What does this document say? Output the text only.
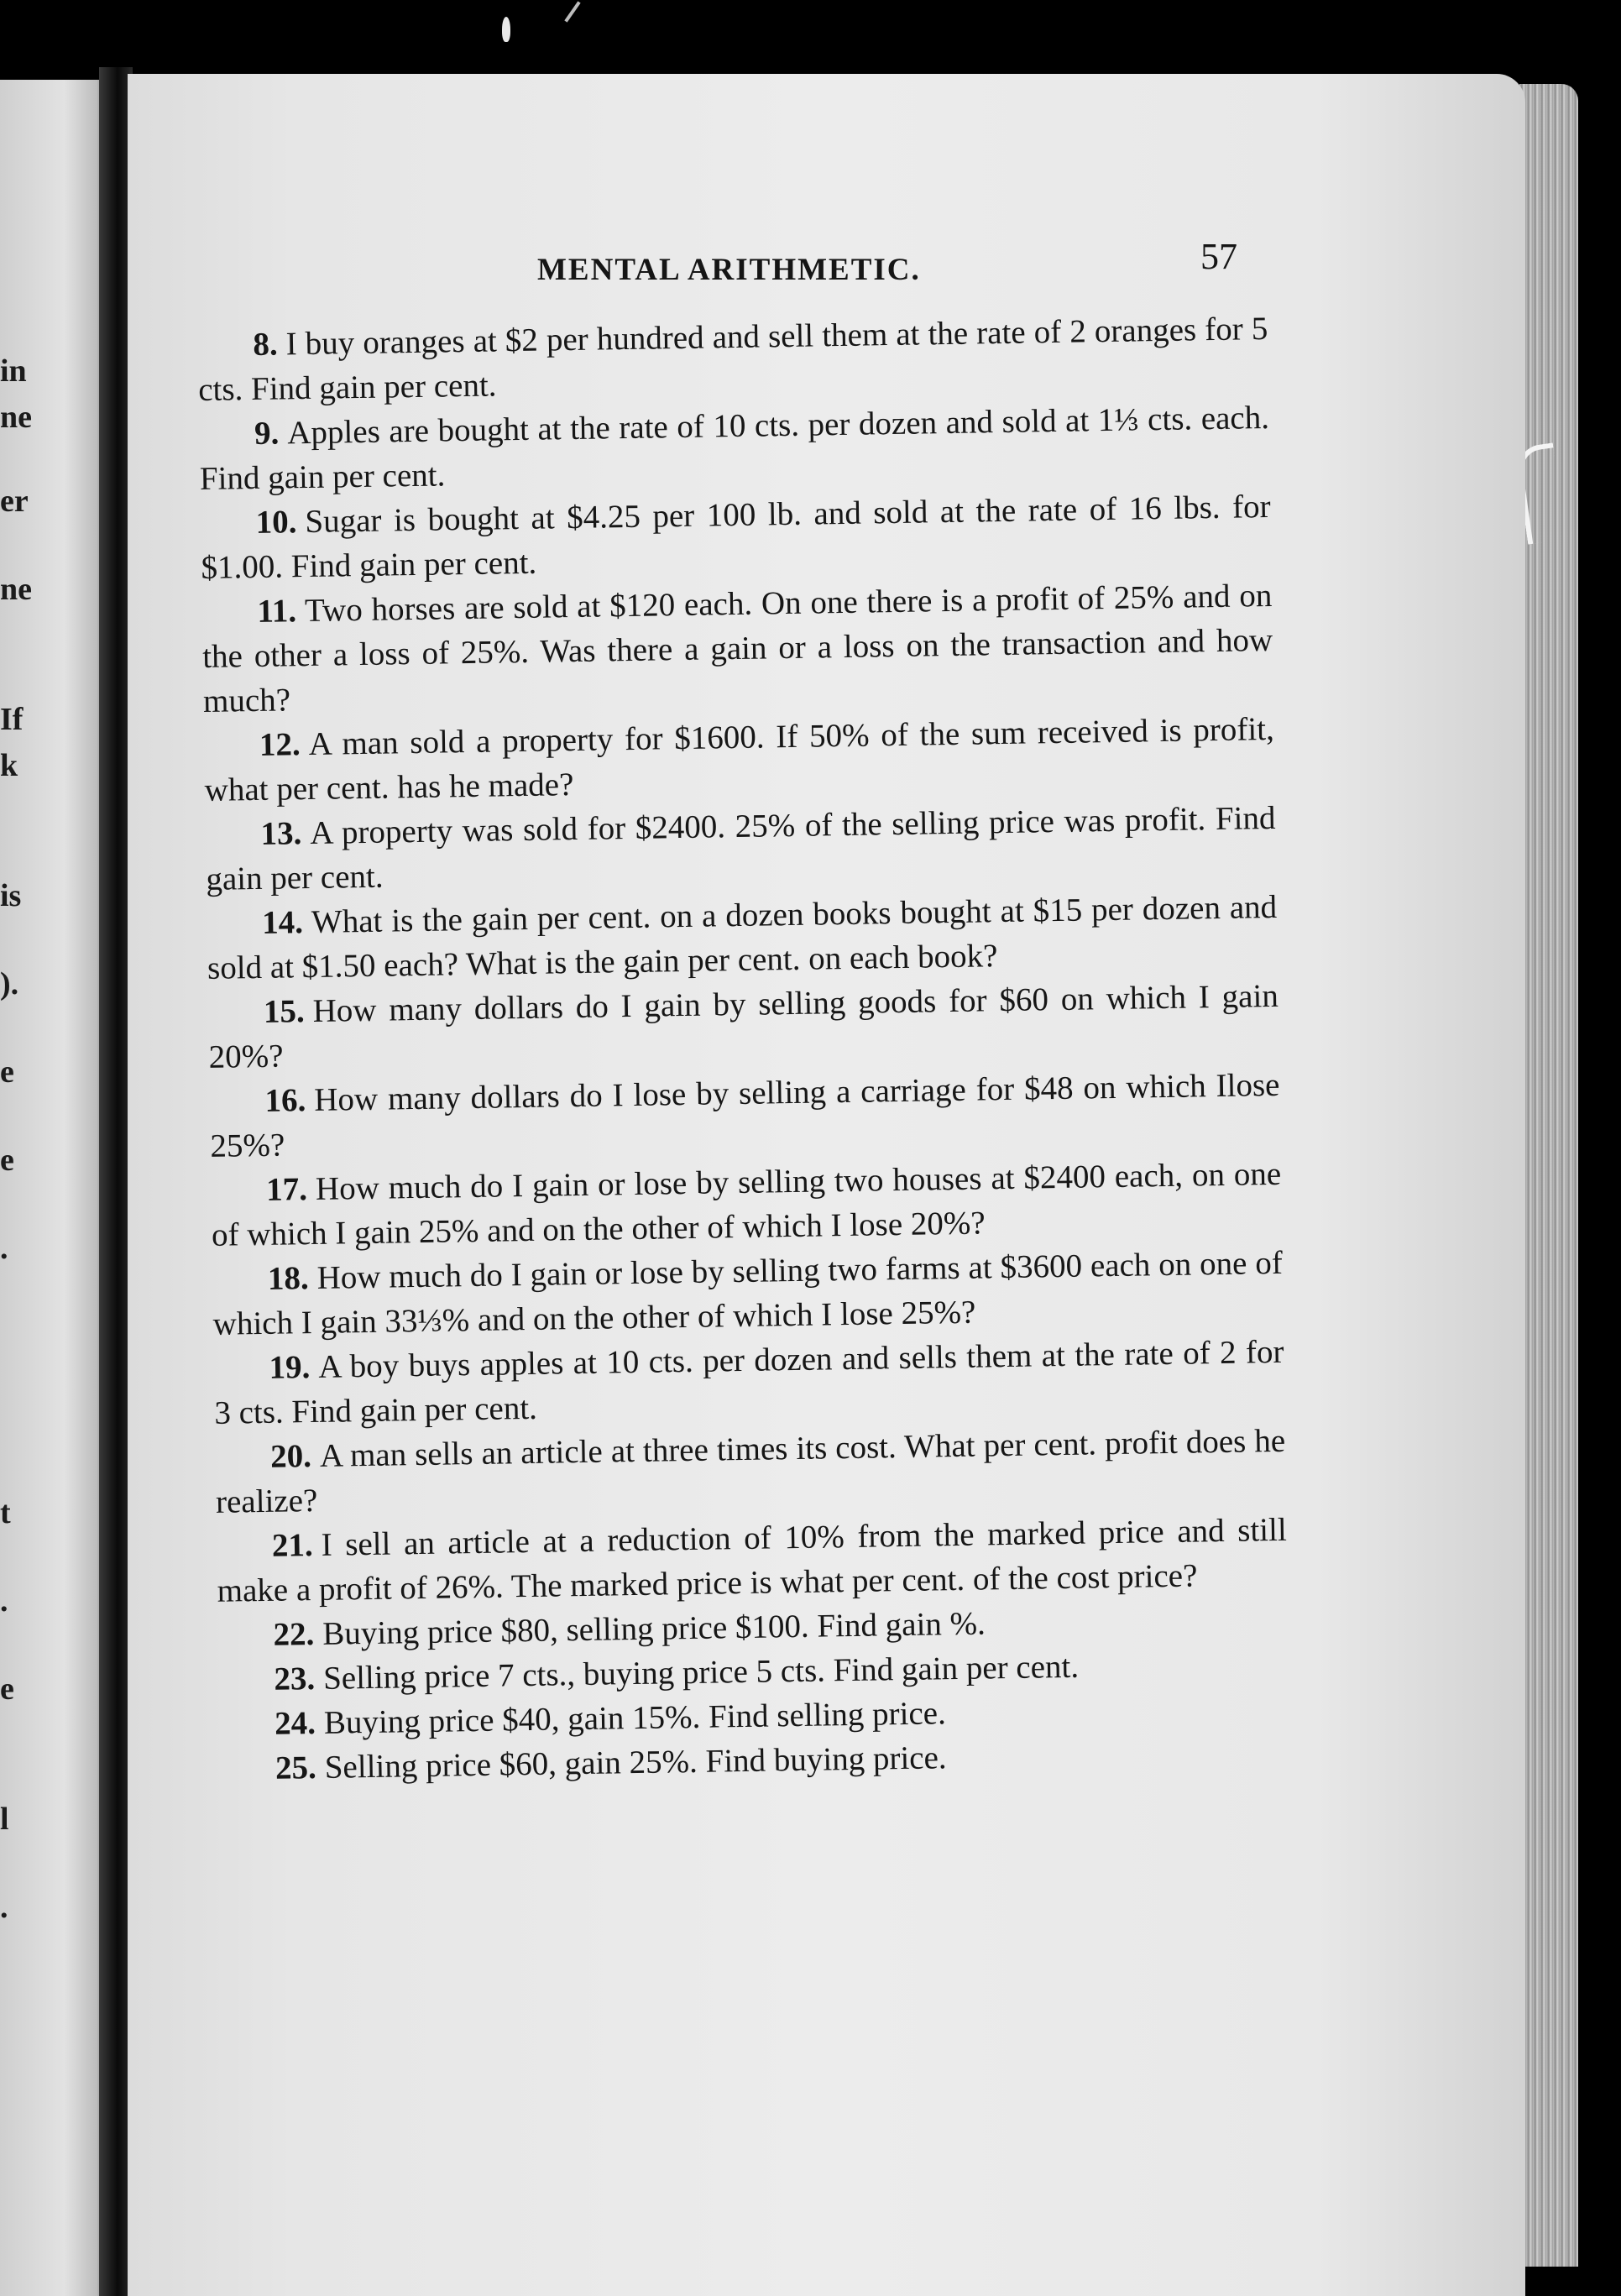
in
ne
er
ne
If
k
is
).
e
e
.
t
.
e
l
.
MENTAL ARITHMETIC.	57

8. I buy oranges at $2 per hundred and sell them at the rate of 2 oranges for 5 cts. Find gain per cent.

9. Apples are bought at the rate of 10 cts. per dozen and sold at 1⅓ cts. each. Find gain per cent.

10. Sugar is bought at $4.25 per 100 lb. and sold at the rate of 16 lbs. for $1.00. Find gain per cent.

11. Two horses are sold at $120 each. On one there is a profit of 25% and on the other a loss of 25%. Was there a gain or a loss on the transaction and how much?

12. A man sold a property for $1600. If 50% of the sum received is profit, what per cent. has he made?

13. A property was sold for $2400. 25% of the selling price was profit. Find gain per cent.

14. What is the gain per cent. on a dozen books bought at $15 per dozen and sold at $1.50 each? What is the gain per cent. on each book?

15. How many dollars do I gain by selling goods for $60 on which I gain 20%?

16. How many dollars do I lose by selling a carriage for $48 on which Ilose 25%?

17. How much do I gain or lose by selling two houses at $2400 each, on one of which I gain 25% and on the other of which I lose 20%?

18. How much do I gain or lose by selling two farms at $3600 each on one of which I gain 33⅓% and on the other of which I lose 25%?

19. A boy buys apples at 10 cts. per dozen and sells them at the rate of 2 for 3 cts. Find gain per cent.

20. A man sells an article at three times its cost. What per cent. profit does he realize?

21. I sell an article at a reduction of 10% from the marked price and still make a profit of 26%. The marked price is what per cent. of the cost price?

22. Buying price $80, selling price $100. Find gain %.

23. Selling price 7 cts., buying price 5 cts. Find gain per cent.

24. Buying price $40, gain 15%. Find selling price.

25. Selling price $60, gain 25%. Find buying price.
